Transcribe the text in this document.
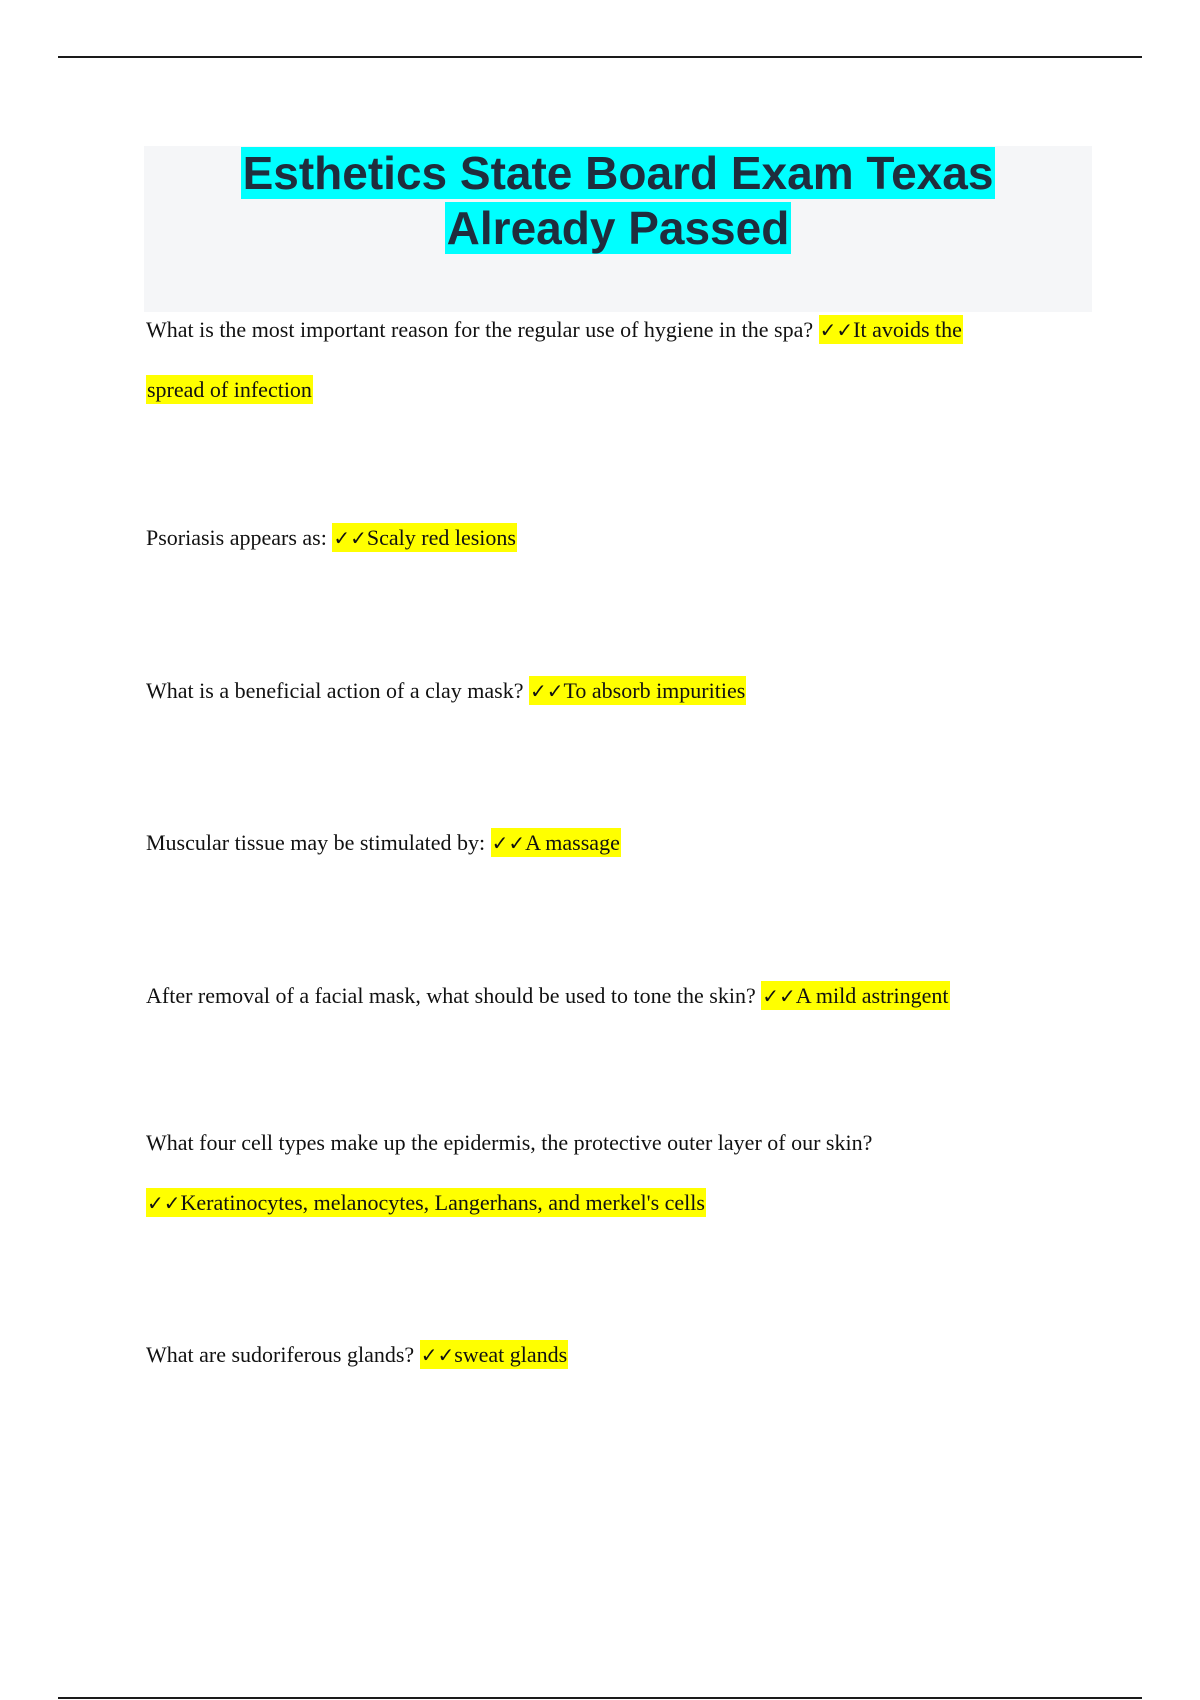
Esthetics State Board Exam Texas
Already Passed
What is the most important reason for the regular use of hygiene in the spa? ✓✓It avoids the
spread of infection
Psoriasis appears as: ✓✓Scaly red lesions
What is a beneficial action of a clay mask? ✓✓To absorb impurities
Muscular tissue may be stimulated by: ✓✓A massage
After removal of a facial mask, what should be used to tone the skin? ✓✓A mild astringent
What four cell types make up the epidermis, the protective outer layer of our skin?
✓✓Keratinocytes, melanocytes, Langerhans, and merkel's cells
What are sudoriferous glands? ✓✓sweat glands
